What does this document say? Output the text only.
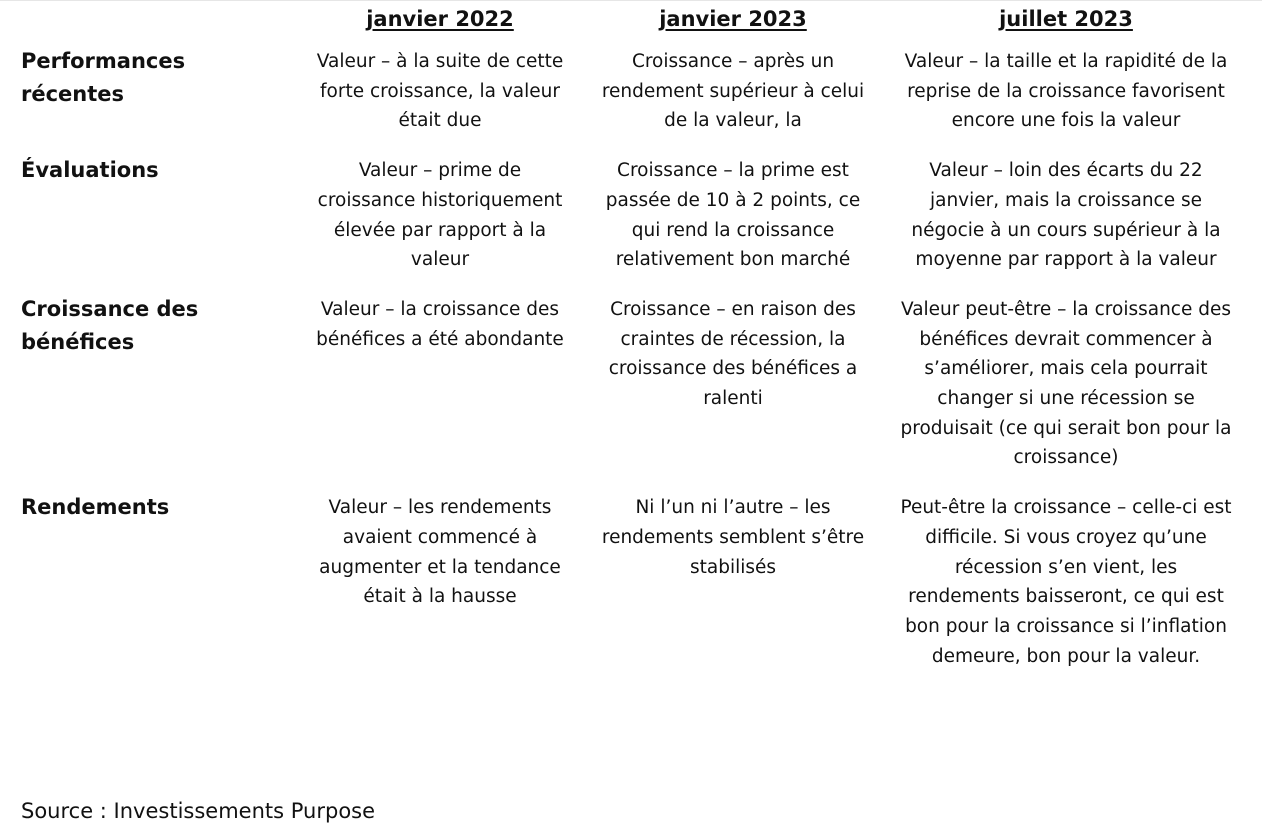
	janvier 2022	janvier 2023	juillet 2023
Performances récentes	Valeur – à la suite de cette forte croissance, la valeur était due	Croissance – après un rendement supérieur à celui de la valeur, la	Valeur – la taille et la rapidité de la reprise de la croissance favorisent encore une fois la valeur
Évaluations	Valeur – prime de croissance historiquement élevée par rapport à la valeur	Croissance – la prime est passée de 10 à 2 points, ce qui rend la croissance relativement bon marché	Valeur – loin des écarts du 22 janvier, mais la croissance se négocie à un cours supérieur à la moyenne par rapport à la valeur
Croissance des bénéfices	Valeur – la croissance des bénéfices a été abondante	Croissance – en raison des craintes de récession, la croissance des bénéfices a ralenti	Valeur peut-être – la croissance des bénéfices devrait commencer à s’améliorer, mais cela pourrait changer si une récession se produisait (ce qui serait bon pour la croissance)
Rendements	Valeur – les rendements avaient commencé à augmenter et la tendance était à la hausse	Ni l’un ni l’autre – les rendements semblent s’être stabilisés	Peut-être la croissance – celle-ci est difficile. Si vous croyez qu’une récession s’en vient, les rendements baisseront, ce qui est bon pour la croissance si l’inflation demeure, bon pour la valeur.
Source : Investissements Purpose
